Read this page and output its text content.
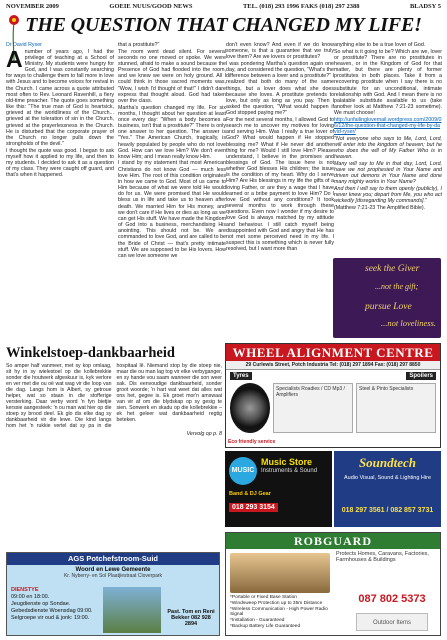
NOVEMBER 2009	GOEIE NUUS/GOOD NEWS	TEL. (018) 293 1996 FAKS (018) 297 2388	BLADSY 5
THE QUESTION THAT CHANGED MY LIFE!

Dr David Ryser

Anumber of years ago, I had the privilege of teaching at a School of Ministry. My students were hungry for God, and I was constantly searching for ways to challenge them to fall more in love with Jesus and to become voices for revival in the Church. I came across a quote attributed most often to Rev. Leonard Ravenhill, a fiery old-time preacher. The quote goes something like this: "The true man of God is heartsick, grieved at the worldliness of the Church... grieved at the toleration of sin in the Church, grieved at the prayerlessness in the Church. He is disturbed that the corporate prayer of the Church no longer pulls down the strongholds of the devil."

I thought the quote was good. I began to ask myself how it applied to my life, and then to my students. I decided to ask it as a question of my class. They were caught off guard, and that's when it happened.

that a prostitute?"

The room went dead silent. For several seconds no one moved or spoke. We were stunned, afraid to make a sound because the Presence of God had flooded into the room, and we knew we were on holy ground. All I could think in those sacred moments was, "Wow, I wish I'd thought of that!" I didn't dare express that thought aloud. God had taken over the class.

Martha's question changed my life. For six months, I thought about her question at least once every day: "When a body becomes a business, isn't that a prostitute?" There is only one answer to her question. The answer is "Yes." The American Church, tragically, is heavily populated by people who do not love God. How can we love Him? We don't even know Him; and I mean really know Him.

I stand by my statement that most American Christians do not know God — much less love Him. The root of this condition originates in how we came to God. Most of us came to Him because of what we were told He would do for us. We were promised that He would bless us in life and take us to heaven after death. We married Him for His money, and we don't care if He lives or dies as long as we can get His stuff. We have made the Kingdom of God into a business, merchandising His anointing. This should not be. We are commanded to love God, and are called to be the Bride of Christ — that's pretty intimate stuff. We are supposed to be His lovers. How can we love someone we

don't even know? And even if we do know someone, is that a guarantee that we truly love them? Are we lovers or prostitutes?

I was pondering Martha's question again one day, and considered the question, "What's the difference between a lover and a prostitute?" I realized that both do many of the same things, but a lover does what she does because she loves. A prostitute pretends to love, but only as long as you pay. Then I asked the question, "What would happen if God stopped paying me?"

For the next several months, I allowed God to search me to uncover my motives for loving and serving Him. Was I really a true lover of God? What would happen if He stopped blessing me? What if He never did another thing for me? Would I still love Him? Please understand, I believe in the promises and blessings of God. The issue here is not whether God blesses His children; the issue is the condition of my heart. Why do I serve Him? Are His blessings in my life the gifts of a loving Father, or are they a wage that I have earned or a bribe payment to love Him? Do I love God without any conditions? It took several months to work through these questions. Even now I wonder if my desire to love God is always matched by my attitude and behaviour. I still catch myself being disappointed with God and angry that He has not met some perceived need in my life. I suspect this is something which is never fully resolved, but I want more than

anything else to be a true lover of God.

So what is it going to be? Which are we, lover or prostitute? There are no prostitutes in heaven, or in the Kingdom of God for that matter, but there are plenty of former prostitutes in both places. Take it from a recovering prostitute when I say there is no substitute for an unconditional, intimate relationship with God. And I mean there is no palatable substitute available to us (take another look at Matthew 7:21-23 sometime). We must choose!

http://unfailinglovemail.wordpress.com/2009/06/12/the-question-that-changed-my-life-by-david-ryser/

"Not everyone who says to Me, Lord, Lord, will enter into the kingdom of heaven; but he who does the will of My Father Who is in heaven.

Many will say to Me in that day, Lord, Lord, have we not prophesied in Your Name and driven out demons in Your Name and done many mighty works in Your Name?

And then I will say to them openly (publicly), I never knew you; depart from Me, you who act wickedly [disregarding My commands]."

(Matthew 7:21-23 The Amplified Bible).

seek the Giver
...not the gift;
pursue Love
...not loveliness.
Winkelstoep-dankbaarheid
So amper half vanmeer, met sy kop omlaag, sit hy in sy wielestoel op die kollebrekkie sonder die houtwerk afgeskuur is, kyk verlore en ver met die ou oë wat wag vir die loop van die dag. Langs hom is Albert, sy getroue helper, wat so staan in die stofferige versterking. Daar verby word 'n fyn bietjie kerssie aangesteek: 'n ou man wat hier op die stoep sy brood deel. Ek glo dis elke dag sy dankbaarheid vir die lewe. Die kind langs hom het 'n rukkie vertel dat sy pa in die hospitaal lê. Niemand stop by die stoep nie, maar die ou man lag tog vir elke verbyganger, en sy hande vou saam wanneer die son weer sak. Dis eenvoudige dankbaarheid, sonder groot woorde; 'n hart wat weet dat alles wat ons het, gegee is. Ek groet mor'n amswaai van vir af om die blydskap op sy gesig te sien. Sonwerk en skadu op die kollebrekkie – ek het geleer wat dankbaarheid regtig beteken.
Vervolg op p. 8
WHEEL ALIGNMENT CENTRE
29 Curlewis Street, Potch Industria Tel: (018) 297 1894 Fax: (018) 297 8850
Tyres	Spoilers
Specialists Roadies / CD Mp3 / Amplifiers
Steel & Pinto Specialists
Eco friendly service
MUSIC
Music Store
Instruments & Sound
Band & DJ Gear
018 293 3154
Soundtech
Audio Visual, Sound & Lighting Hire
018 297 3561 / 082 857 3731
AGS Potchefstroom-Suid
Woord en Lewe Gemeente
Kr. Nyberry- en Sol Plaatjiestraat Cloverpark
DIENSTYE
09:00 en 18:00.
Jeugdienste op Sondae.
Gebedsdienste Woensdag 09:00.
Selgroepe vir oud & jonk: 19:00.
Past. Tom en Reni Bekker 082 928 2894
ROBGUARD
Protects Homes, Caravans, Factories, Farmhouses & Buildings
*Portable or Fixed Base Station
*Windsweep Protection up to 35m Distance
*Wireless Communication - High Power Radio Signal
*Installation - Guaranteed
*Backup Battery Life Guaranteed
087 802 5373
Outdoor Items
